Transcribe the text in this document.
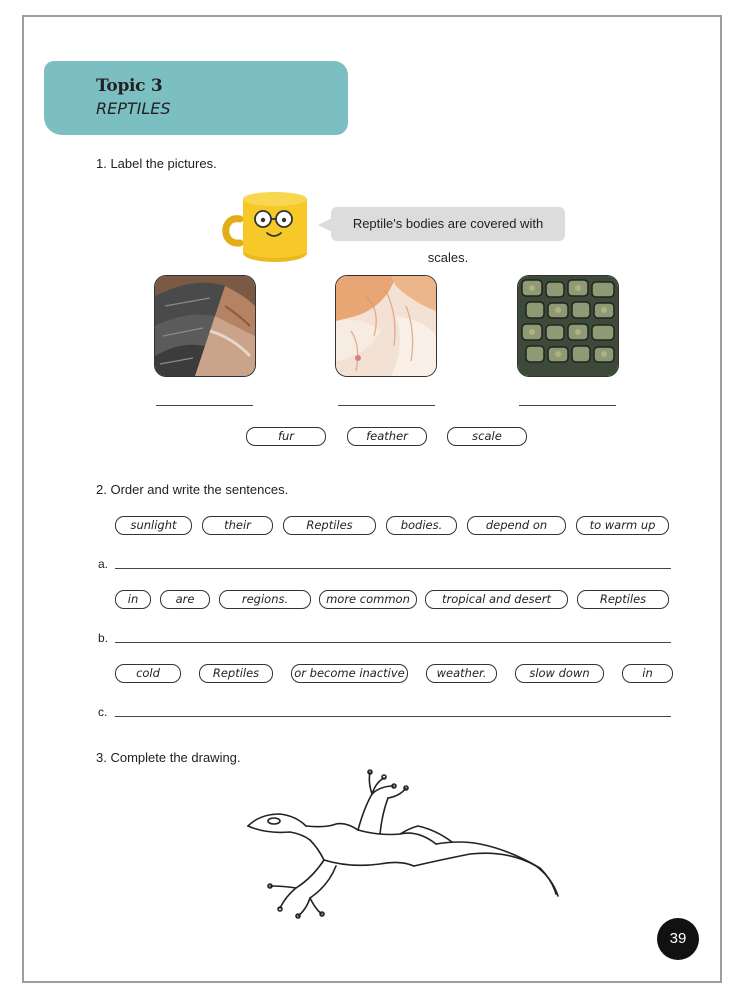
Topic 3
REPTILES
1. Label the pictures.
Reptile's bodies are covered with scales.
fur	feather	scale
2. Order and write the sentences.
sunlight	their	Reptiles	bodies.	depend on	to warm up
a.
in	are	regions.	more common	tropical and desert	Reptiles
b.
cold	Reptiles	or become inactive	weather.	slow down	in
c.
3. Complete the drawing.
39
